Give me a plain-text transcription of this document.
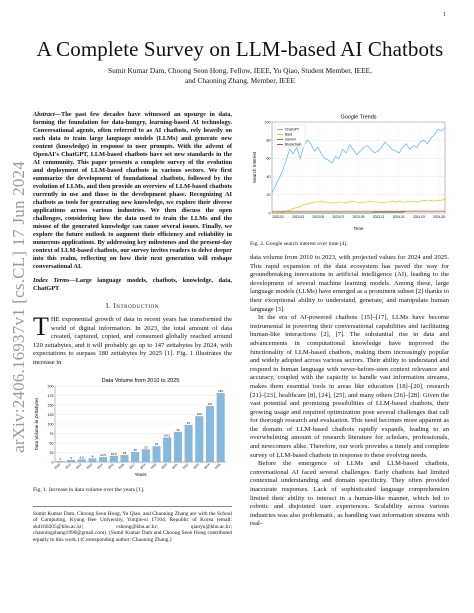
1
arXiv:2406.16937v1 [cs.CL] 17 Jun 2024
A Complete Survey on LLM-based AI Chatbots
Sumit Kumar Dam, Choong Seon Hong, Fellow, IEEE, Yu Qiao, Student Member, IEEE,
and Chaoning Zhang, Member, IEEE

Abstract—The past few decades have witnessed an upsurge in data, forming the foundation for data-hungry, learning-based AI technology. Conversational agents, often referred to as AI chatbots, rely heavily on such data to train large language models (LLMs) and generate new content (knowledge) in response to user prompts. With the advent of OpenAI's ChatGPT, LLM-based chatbots have set new standards in the AI community. This paper presents a complete survey of the evolution and deployment of LLM-based chatbots in various sectors. We first summarize the development of foundational chatbots, followed by the evolution of LLMs, and then provide an overview of LLM-based chatbots currently in use and those in the development phase. Recognizing AI chatbots as tools for generating new knowledge, we explore their diverse applications across various industries. We then discuss the open challenges, considering how the data used to train the LLMs and the misuse of the generated knowledge can cause several issues. Finally, we explore the future outlook to augment their efficiency and reliability in numerous applications. By addressing key milestones and the present-day context of LLM-based chatbots, our survey invites readers to delve deeper into this realm, reflecting on how their next generation will reshape conversational AI.

Index Terms—Large language models, chatbots, knowledge, data, ChatGPT

I. Introduction

THE exponential growth of data in recent years has transformed the world of digital information. In 2023, the total amount of data created, captured, copied, and consumed globally reached around 120 zettabytes, and it will probably go up to 147 zettabytes by 2024, with expectations to surpass 180 zettabytes by 2025 [1]. Fig. 1 illustrates the increase in

Data Volume from 2010 to 2025
0
25
50
75
100
125
150
175
200
2
2010
5
2011
6.5
2012
9
2013
12.5
2014
15.5
2015
18
2016
26
2017
33
2018
41
2019
64.2
2020
79
2021
97
2022
120
2023
147
2024
181
2025
Years
Data Volume in Zettabytes
Fig. 1. Increase in data volume over the years [1].
Sumit Kumar Dam, Choong Seon Hong, Yu Qiao, and Chaoning Zhang are with the School of Computing, Kyung Hee University, Yongin-si 17104, Republic of Korea (email: skd160205@khu.ac.kr; cshong@khu.ac.kr; qiaoyu@khu.ac.kr; chaoningzhang1990@gmail.com). (Sumit Kumar Dam and Choong Seon Hong contributed equally to this work.) (Corresponding author: Chaoning Zhang.)
Google Trends
0
20
40
60
80
100
2023-01	2023-03	2023-05	2023-07	2023-09	2023-11	2024-01	2024-03	2024-05
ChatGPT
Bard
Gemini
Blockchain
Time
Search Interest
Fig. 2. Google search interest over time [4].

data volume from 2010 to 2023, with projected values for 2024 and 2025. This rapid expansion of the data ecosystem has paved the way for groundbreaking innovations in artificial intelligence (AI), leading to the development of several machine learning models. Among these, large language models (LLMs) have emerged as a prominent subset [2] thanks to their exceptional ability to understand, generate, and manipulate human language [3].

In the era of AI-powered chatbots [15]–[17], LLMs have become instrumental in powering their conversational capabilities and facilitating human-like interactions [2], [7]. The substantial rise in data and advancements in computational knowledge have improved the functionality of LLM-based chatbots, making them increasingly popular and widely adopted across various sectors. Their ability to understand and respond in human language with never-before-seen context relevance and accuracy, coupled with the capacity to handle vast information streams, makes them essential tools in areas like education [18]–[20], research [21]–[23], healthcare [8], [24], [25], and many others [26]–[28]. Given the vast potential and promising possibilities of LLM-based chatbots, their growing usage and required optimization pose several challenges that call for thorough research and evaluation. This need becomes more apparent as the domain of LLM-based chatbots rapidly expands, leading to an overwhelming amount of research literature for scholars, professionals, and newcomers alike. Therefore, our work provides a timely and complete survey of LLM-based chatbots in response to these evolving needs.

Before the emergence of LLMs and LLM-based chatbots, conversational AI faced several challenges. Early chatbots had limited contextual understanding and domain specificity. They often provided inaccurate responses. Lack of sophisticated language comprehension limited their ability to interact in a human-like manner, which led to robotic and disjointed user experiences. Scalability across various industries was also problematic, as handling vast information streams with real-
